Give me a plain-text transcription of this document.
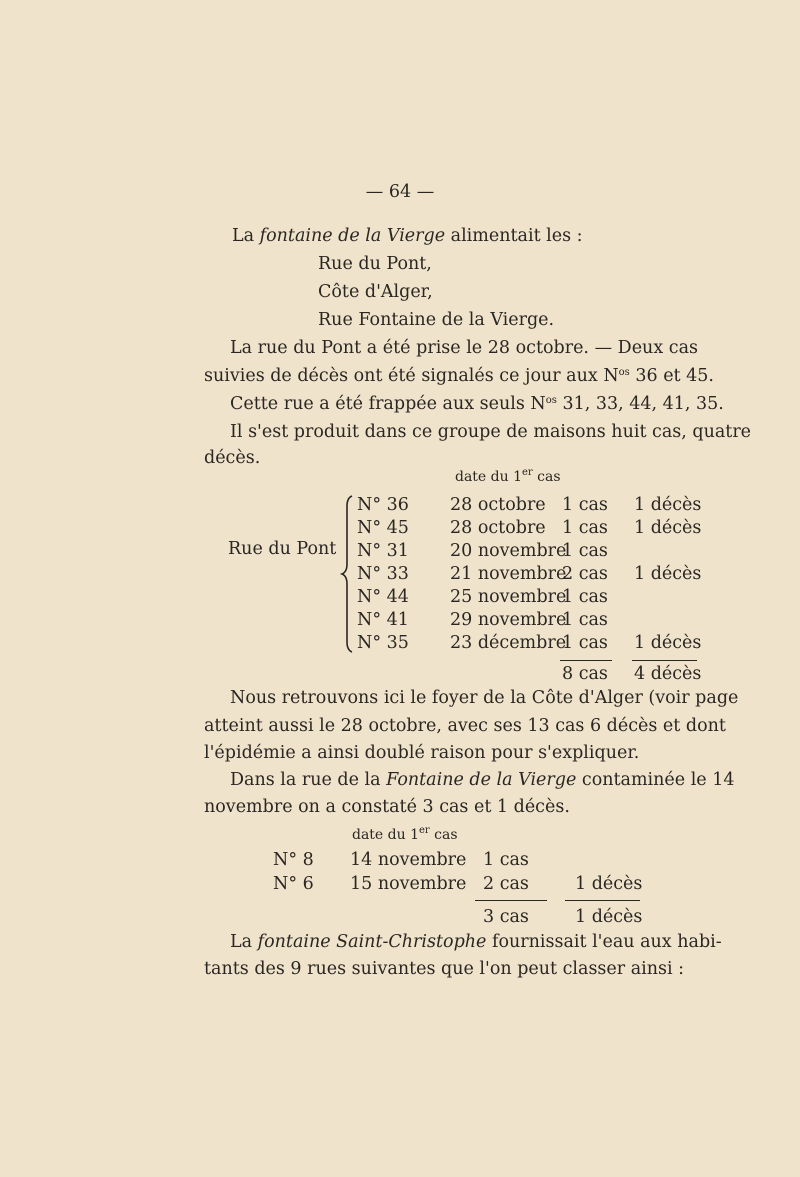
— 64 —
La fontaine de la Vierge alimentait les :
Rue du Pont,
Côte d'Alger,
Rue Fontaine de la Vierge.
La rue du Pont a été prise le 28 octobre. — Deux cas
suivies de décès ont été signalés ce jour aux $N^{os}$ 36 et 45.
Cette rue a été frappée aux seuls $N^{os}$ 31, 33, 44, 41, 35.
Il s'est produit dans ce groupe de maisons huit cas, quatre
décès.
date du 1er cas
Rue du Pont
N° 36 28 octobre 1 cas 1 décès
N° 45 28 octobre 1 cas 1 décès
N° 31 20 novembre
1 cas
N° 33 21 novembre
2 cas 1 décès
N° 44 25 novembre
1 cas
N° 41 29 novembre
1 cas
N° 35 23 décembre
1 cas 1 décès
8 cas 4 décès
Nous retrouvons ici le foyer de la Côte d'Alger (voir page
atteint aussi le 28 octobre, avec ses 13 cas 6 décès et dont
l'épidémie a ainsi doublé raison pour s'expliquer.
Dans la rue de la Fontaine de la Vierge contaminée le 14
novembre on a constaté 3 cas et 1 décès.
date du 1er cas
N° 8 14 novembre 1 cas
N° 6 15 novembre 2 cas	1 décès
3 cas	1 décès
La fontaine Saint-Christophe fournissait l'eau aux habi-
tants des 9 rues suivantes que l'on peut classer ainsi :
